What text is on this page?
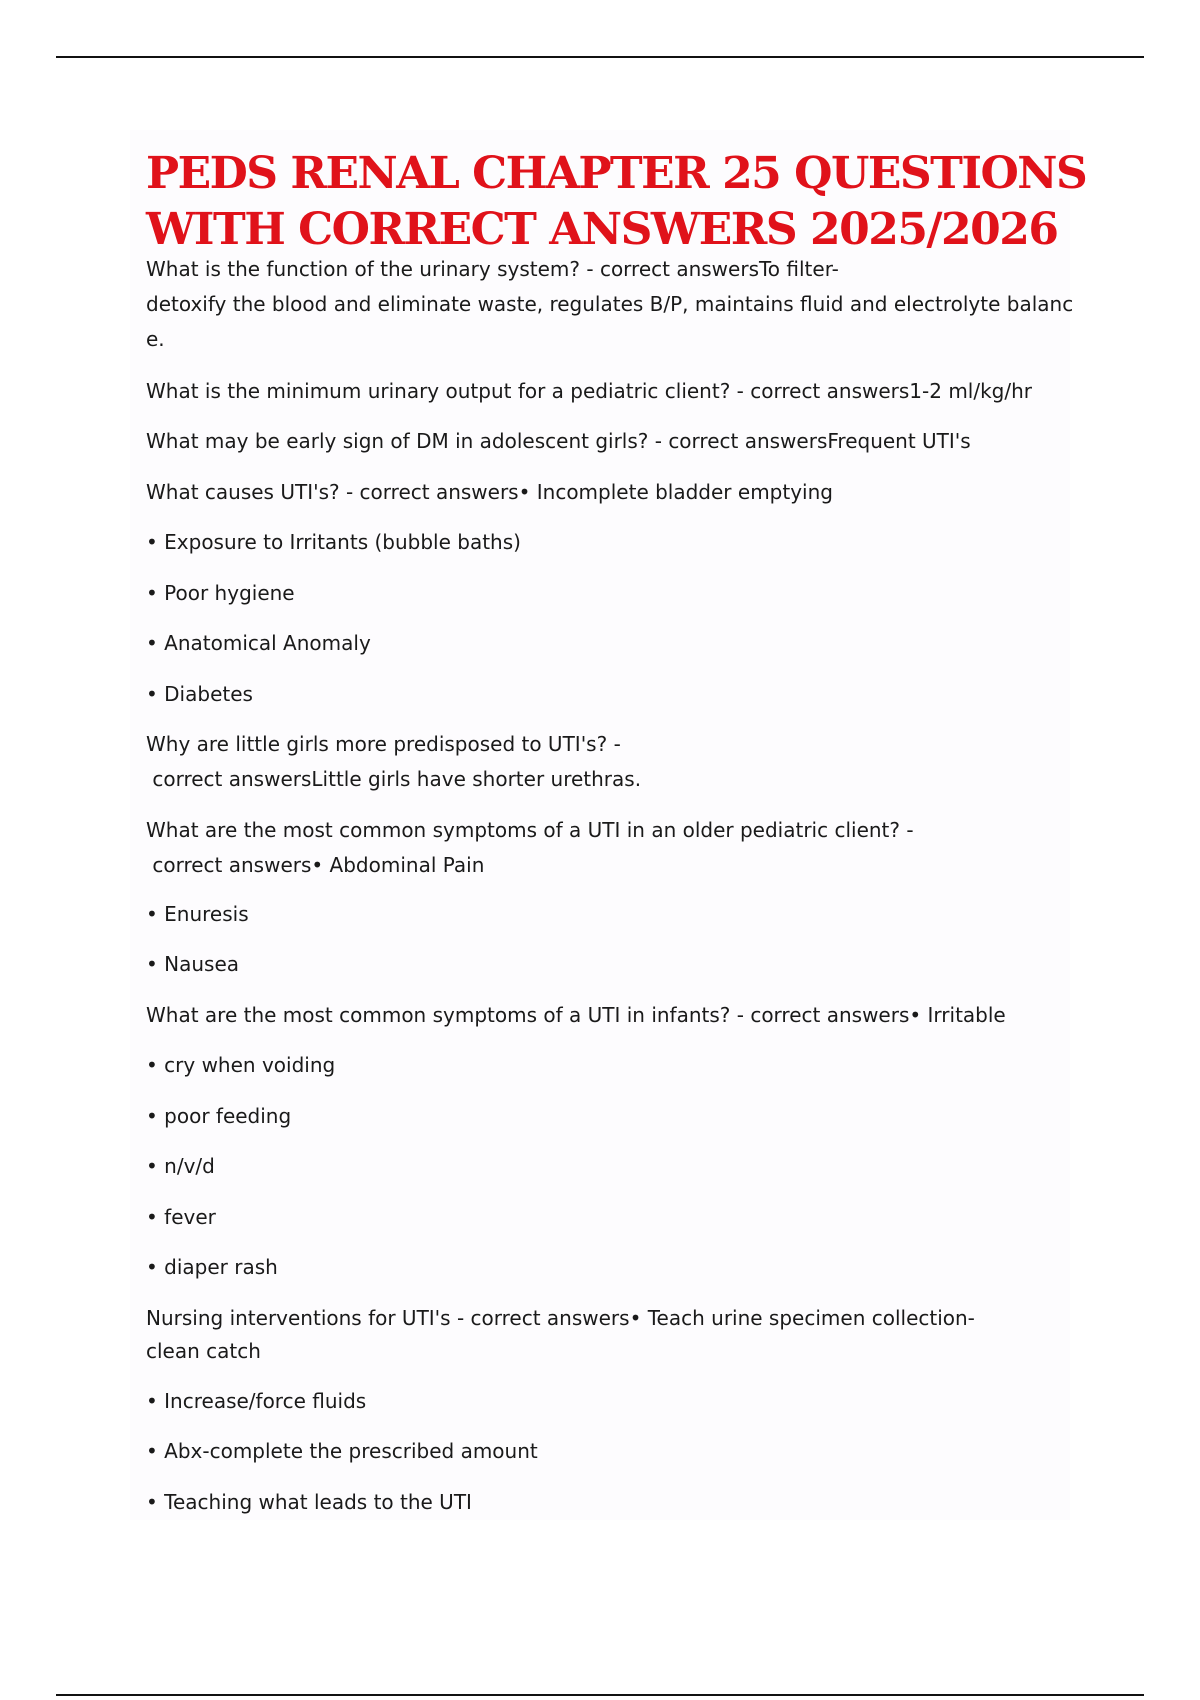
PEDS RENAL CHAPTER 25 QUESTIONS
WITH CORRECT ANSWERS 2025/2026

What is the function of the urinary system? - correct answersTo filter-

detoxify the blood and eliminate waste, regulates B/P, maintains fluid and electrolyte balanc

e.

What is the minimum urinary output for a pediatric client? - correct answers1-2 ml/kg/hr

What may be early sign of DM in adolescent girls? - correct answersFrequent UTI's

What causes UTI's? - correct answers• Incomplete bladder emptying

• Exposure to Irritants (bubble baths)

• Poor hygiene

• Anatomical Anomaly

• Diabetes

Why are little girls more predisposed to UTI's? -

correct answersLittle girls have shorter urethras.

What are the most common symptoms of a UTI in an older pediatric client? -

correct answers• Abdominal Pain

• Enuresis

• Nausea

What are the most common symptoms of a UTI in infants? - correct answers• Irritable

• cry when voiding

• poor feeding

• n/v/d

• fever

• diaper rash

Nursing interventions for UTI's - correct answers• Teach urine specimen collection-

clean catch

• Increase/force fluids

• Abx-complete the prescribed amount

• Teaching what leads to the UTI
